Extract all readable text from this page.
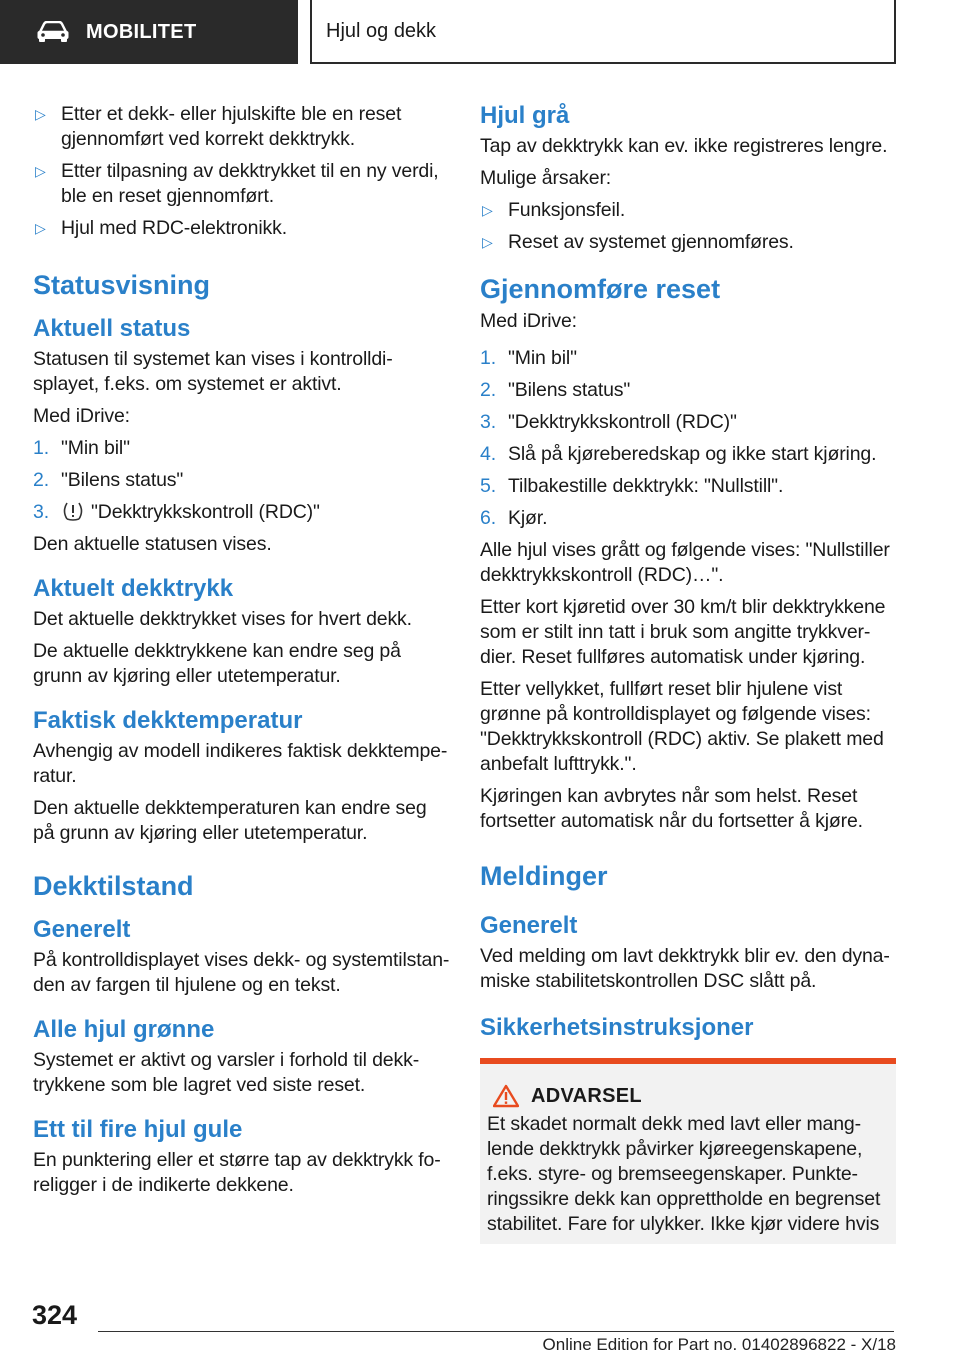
MOBILITET	Hjul og dekk
▷ Etter et dekk- eller hjulskifte ble en reset gjennomført ved korrekt dekktrykk.
▷ Etter tilpasning av dekktrykket til en ny verdi, ble en reset gjennomført.
▷ Hjul med RDC-elektronikk.
Statusvisning
Aktuell status

Statusen til systemet kan vises i kontrolldisplayet, f.eks. om systemet er aktivt.

Med iDrive:

1. "Min bil"
2. "Bilens status"
3. "Dekktrykkskontroll (RDC)"

Den aktuelle statusen vises.

Aktuelt dekktrykk

Det aktuelle dekktrykket vises for hvert dekk.

De aktuelle dekktrykkene kan endre seg på grunn av kjøring eller utetemperatur.

Faktisk dekktemperatur

Avhengig av modell indikeres faktisk dekktemperatur.

Den aktuelle dekktemperaturen kan endre seg på grunn av kjøring eller utetemperatur.

Dekktilstand
Generelt

På kontrolldisplayet vises dekk- og systemtilstanden av fargen til hjulene og en tekst.

Alle hjul grønne

Systemet er aktivt og varsler i forhold til dekktrykkene som ble lagret ved siste reset.

Ett til fire hjul gule

En punktering eller et større tap av dekktrykk foreligger i de indikerte dekkene.

Hjul grå

Tap av dekktrykk kan ev. ikke registreres lengre.

Mulige årsaker:

▷ Funksjonsfeil.
▷ Reset av systemet gjennomføres.
Gjennomføre reset

Med iDrive:

1. "Min bil"
2. "Bilens status"
3. "Dekktrykkskontroll (RDC)"
4. Slå på kjøreberedskap og ikke start kjøring.
5. Tilbakestille dekktrykk: "Nullstill".
6. Kjør.

Alle hjul vises grått og følgende vises: "Nullstiller dekktrykkskontroll (RDC)…".

Etter kort kjøretid over 30 km/t blir dekktrykkene som er stilt inn tatt i bruk som angitte trykkverdier. Reset fullføres automatisk under kjøring.

Etter vellykket, fullført reset blir hjulene vist grønne på kontrolldisplayet og følgende vises: "Dekktrykkskontroll (RDC) aktiv. Se plakett med anbefalt lufttrykk.".

Kjøringen kan avbrytes når som helst. Reset fortsetter automatisk når du fortsetter å kjøre.

Meldinger
Generelt

Ved melding om lavt dekktrykk blir ev. den dynamiske stabilitetskontrollen DSC slått på.

Sikkerhetsinstruksjoner
ADVARSEL

Et skadet normalt dekk med lavt eller manglende dekktrykk påvirker kjøreegenskapene, f.eks. styre- og bremseegenskaper. Punkteringssikre dekk kan opprettholde en begrenset stabilitet. Fare for ulykker. Ikke kjør videre hvis

324
Online Edition for Part no. 01402896822 - X/18
